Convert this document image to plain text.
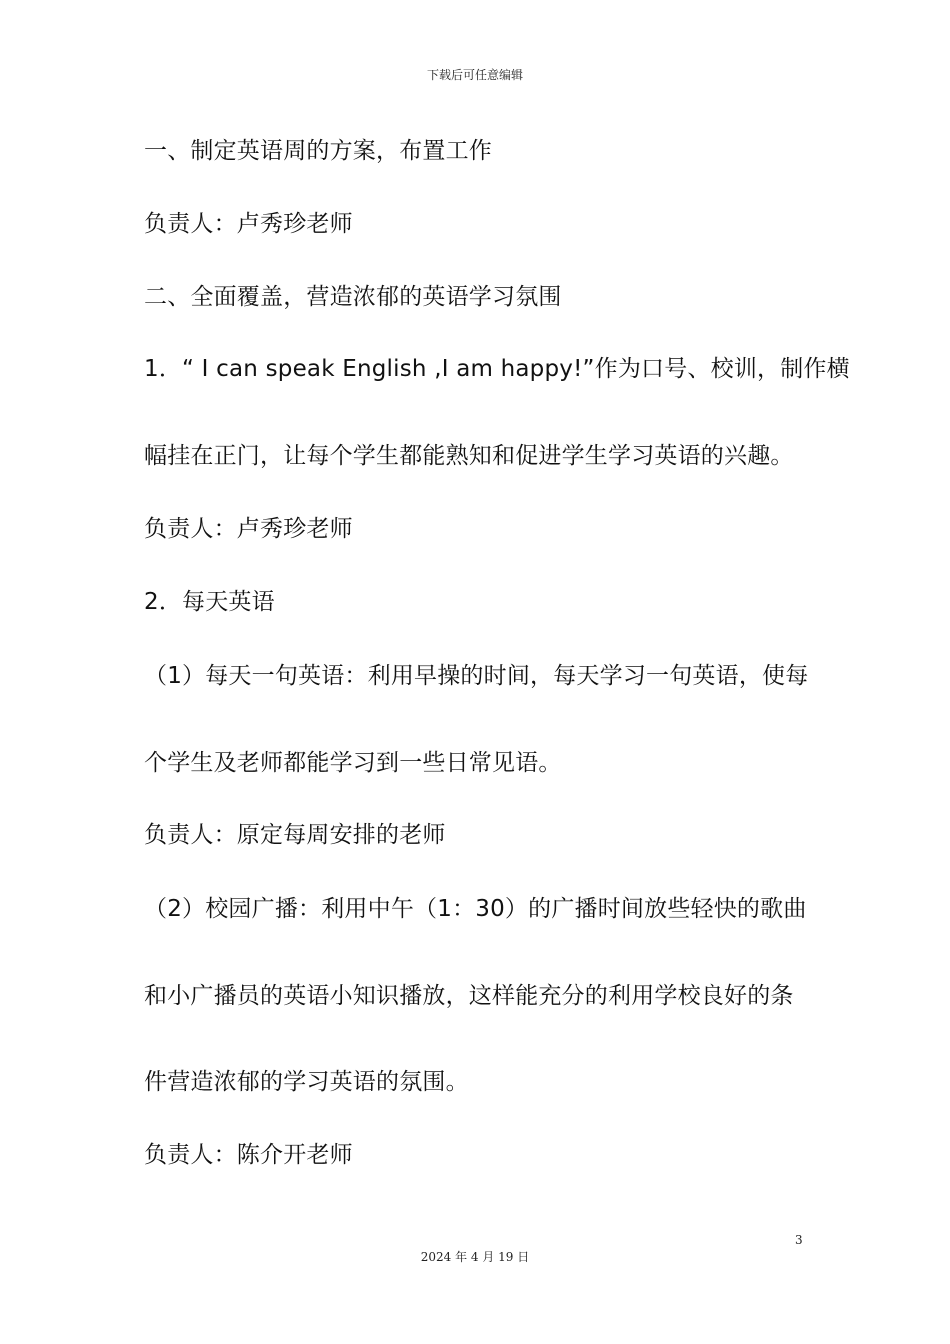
下载后可任意编辑
一、制定英语周的方案，布置工作
负责人：卢秀珍老师
二、全面覆盖，营造浓郁的英语学习氛围
1．“ I can speak English ,I am happy!”作为口号、校训，制作横
幅挂在正门，让每个学生都能熟知和促进学生学习英语的兴趣。
负责人：卢秀珍老师
2．每天英语
（1）每天一句英语：利用早操的时间，每天学习一句英语，使每
个学生及老师都能学习到一些日常见语。
负责人：原定每周安排的老师
（2）校园广播：利用中午（1：30）的广播时间放些轻快的歌曲
和小广播员的英语小知识播放，这样能充分的利用学校良好的条
件营造浓郁的学习英语的氛围。
负责人：陈介开老师
3
2024 年 4 月 19 日
